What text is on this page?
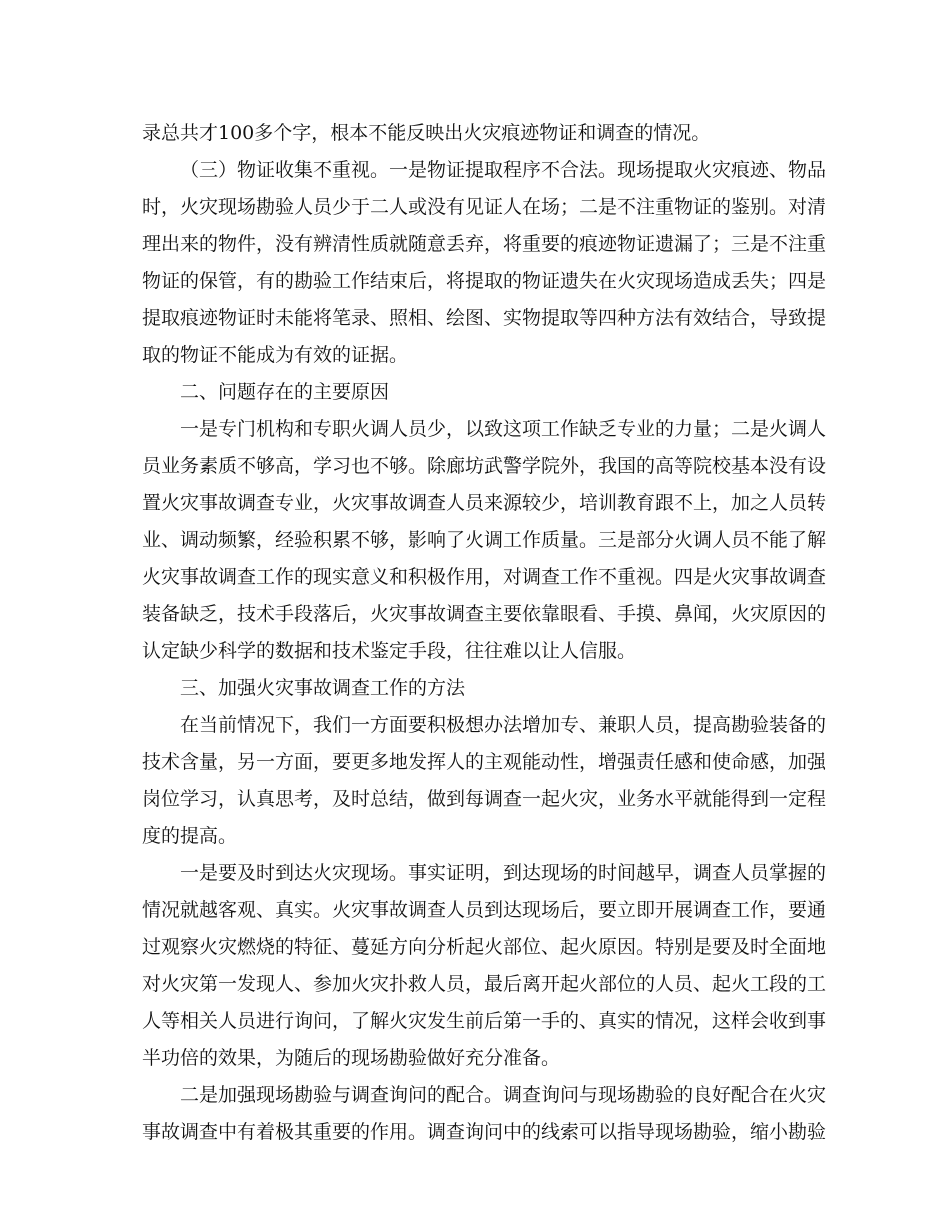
录总共才100多个字，根本不能反映出火灾痕迹物证和调查的情况。
（三）物证收集不重视。一是物证提取程序不合法。现场提取火灾痕迹、物品
时，火灾现场勘验人员少于二人或没有见证人在场；二是不注重物证的鉴别。对清
理出来的物件，没有辨清性质就随意丢弃，将重要的痕迹物证遗漏了；三是不注重
物证的保管，有的勘验工作结束后，将提取的物证遗失在火灾现场造成丢失；四是
提取痕迹物证时未能将笔录、照相、绘图、实物提取等四种方法有效结合，导致提
取的物证不能成为有效的证据。
二、问题存在的主要原因
一是专门机构和专职火调人员少，以致这项工作缺乏专业的力量；二是火调人
员业务素质不够高，学习也不够。除廊坊武警学院外，我国的高等院校基本没有设
置火灾事故调查专业，火灾事故调查人员来源较少，培训教育跟不上，加之人员转
业、调动频繁，经验积累不够，影响了火调工作质量。三是部分火调人员不能了解
火灾事故调查工作的现实意义和积极作用，对调查工作不重视。四是火灾事故调查
装备缺乏，技术手段落后，火灾事故调查主要依靠眼看、手摸、鼻闻，火灾原因的
认定缺少科学的数据和技术鉴定手段，往往难以让人信服。
三、加强火灾事故调查工作的方法
在当前情况下，我们一方面要积极想办法增加专、兼职人员，提高勘验装备的
技术含量，另一方面，要更多地发挥人的主观能动性，增强责任感和使命感，加强
岗位学习，认真思考，及时总结，做到每调查一起火灾，业务水平就能得到一定程
度的提高。
一是要及时到达火灾现场。事实证明，到达现场的时间越早，调查人员掌握的
情况就越客观、真实。火灾事故调查人员到达现场后，要立即开展调查工作，要通
过观察火灾燃烧的特征、蔓延方向分析起火部位、起火原因。特别是要及时全面地
对火灾第一发现人、参加火灾扑救人员，最后离开起火部位的人员、起火工段的工
人等相关人员进行询问，了解火灾发生前后第一手的、真实的情况，这样会收到事
半功倍的效果，为随后的现场勘验做好充分准备。
二是加强现场勘验与调查询问的配合。调查询问与现场勘验的良好配合在火灾
事故调查中有着极其重要的作用。调查询问中的线索可以指导现场勘验，缩小勘验
